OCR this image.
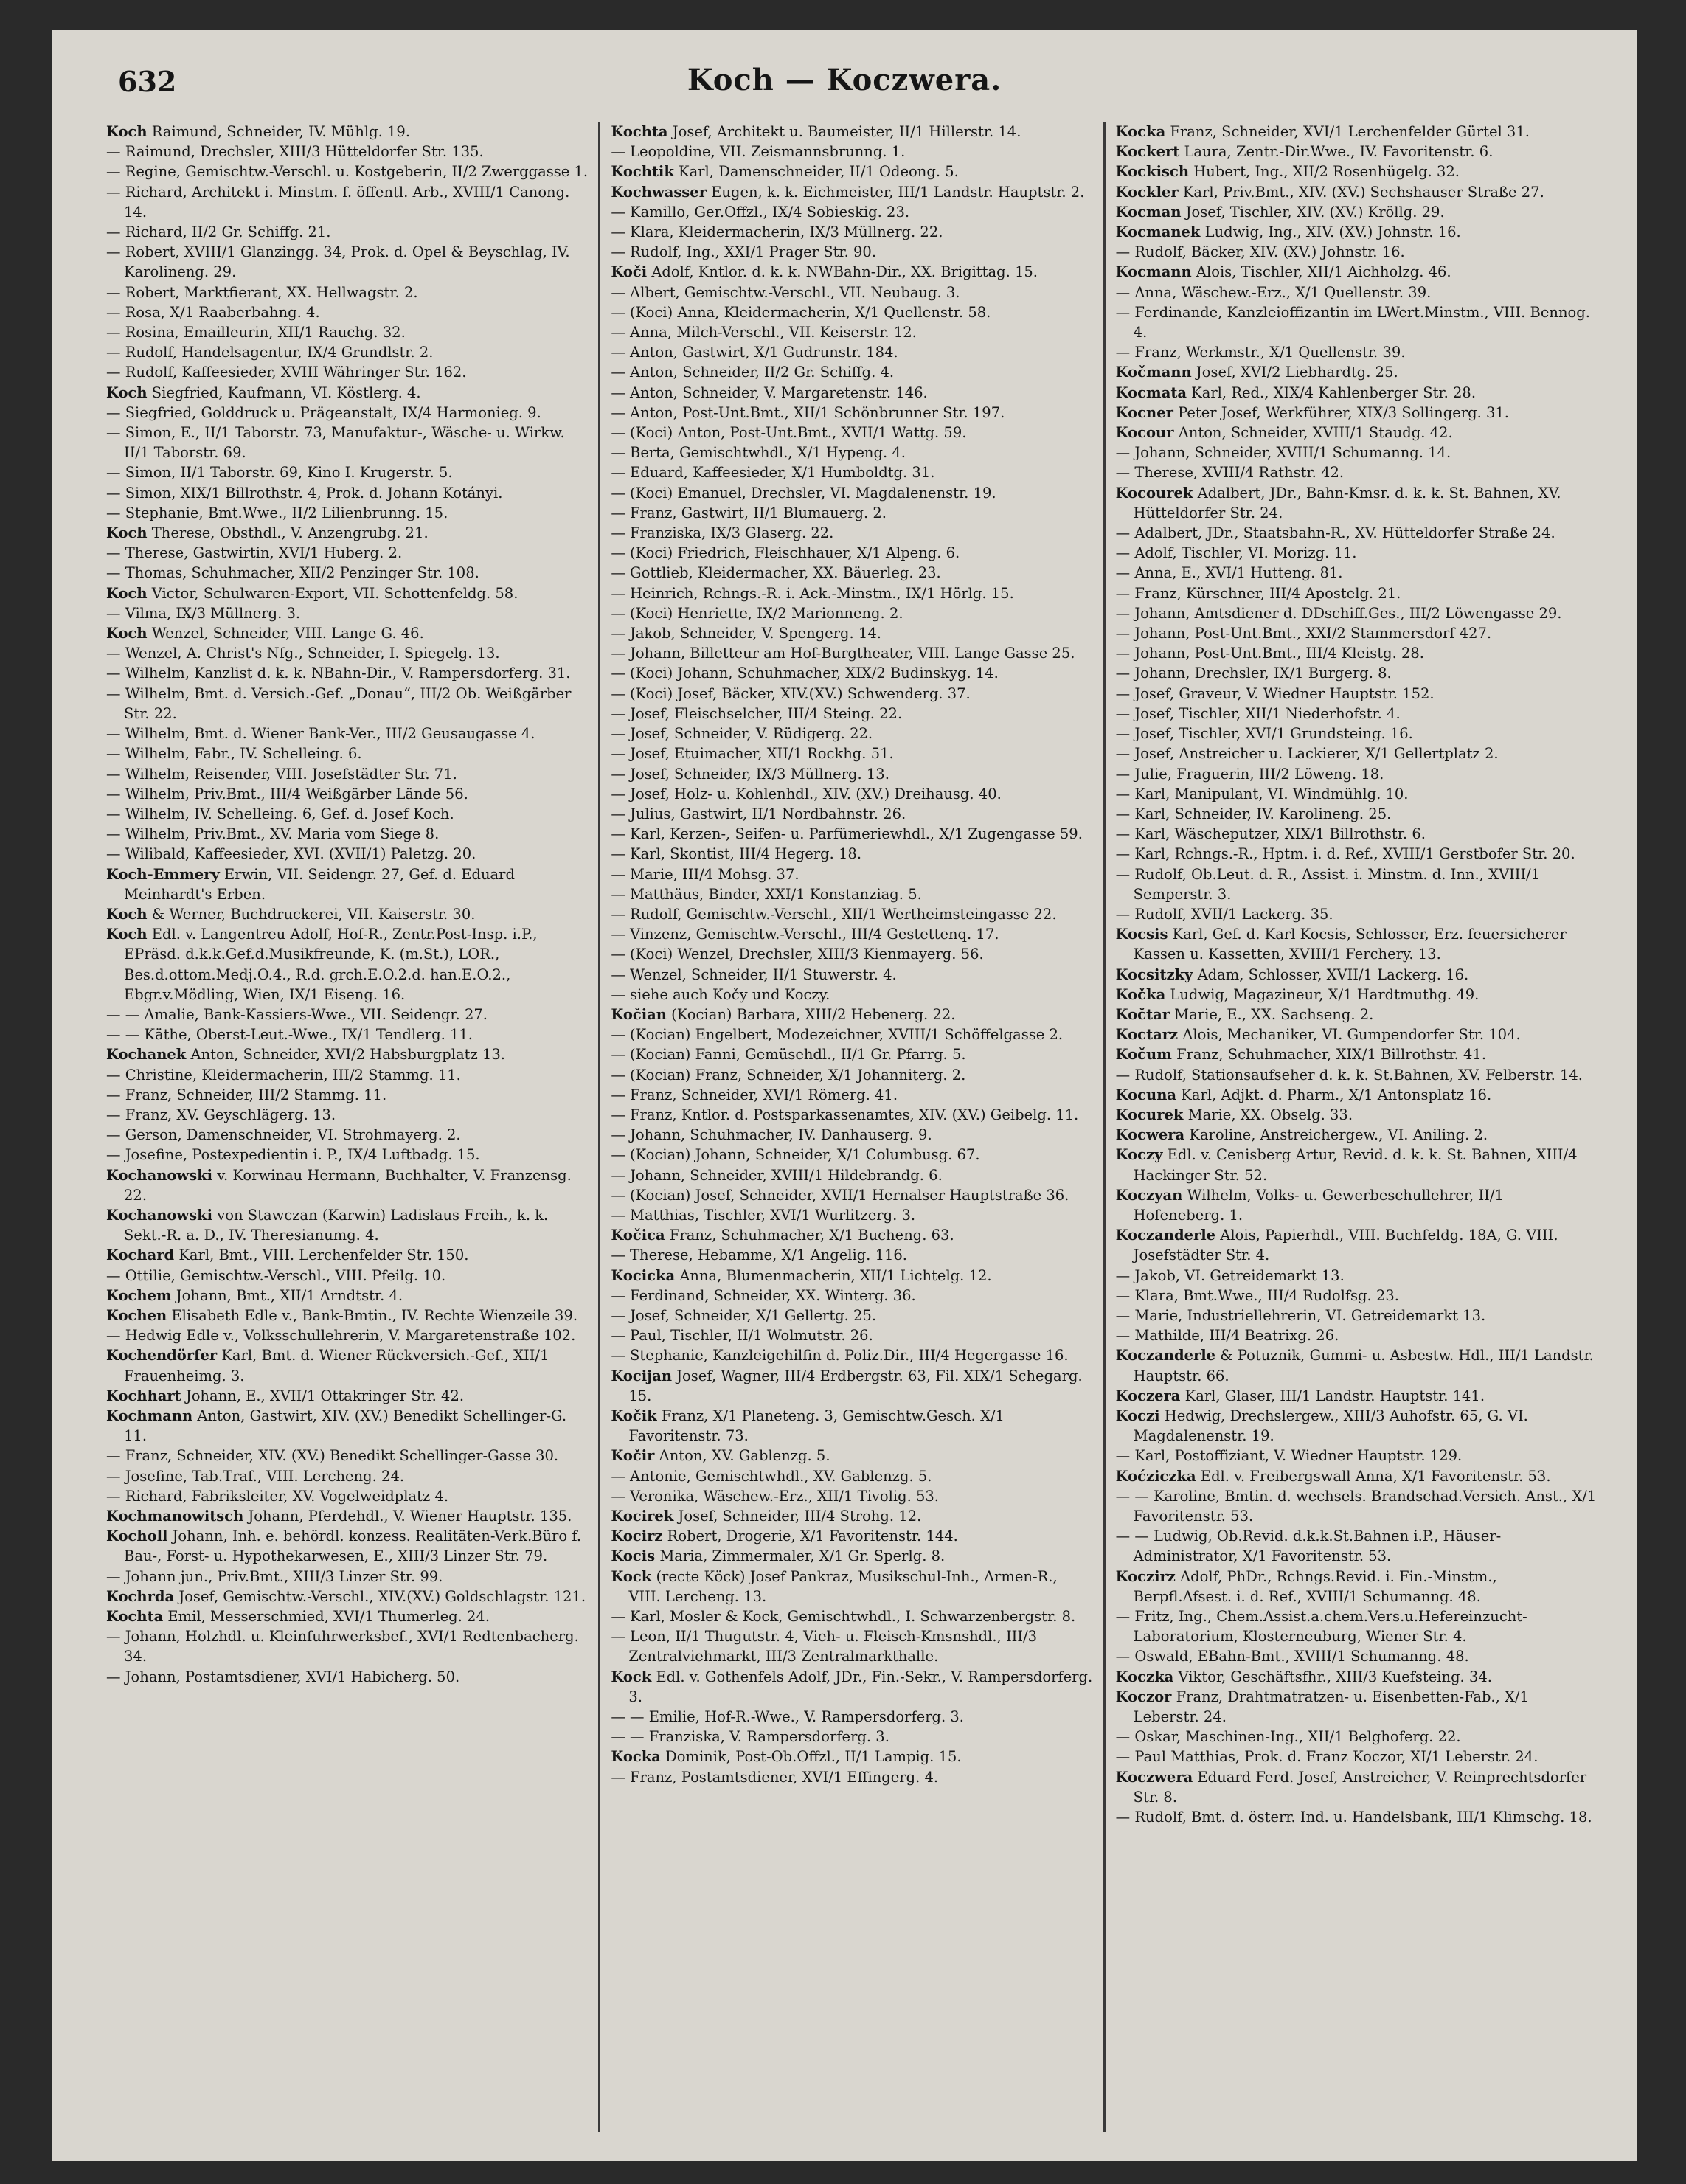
632	Koch — Koczwera.

Koch Raimund, Schneider, IV. Mühlg. 19.

— Raimund, Drechsler, XIII/3 Hütteldorfer Str. 135.

— Regine, Gemischtw.-Verschl. u. Kostgeberin, II/2 Zwerggasse 1.

— Richard, Architekt i. Minstm. f. öffentl. Arb., XVIII/1 Canong. 14.

— Richard, II/2 Gr. Schiffg. 21.

— Robert, XVIII/1 Glanzingg. 34, Prok. d. Opel & Beyschlag, IV. Karolineng. 29.

— Robert, Marktfierant, XX. Hellwagstr. 2.

— Rosa, X/1 Raaberbahng. 4.

— Rosina, Emailleurin, XII/1 Rauchg. 32.

— Rudolf, Handelsagentur, IX/4 Grundlstr. 2.

— Rudolf, Kaffeesieder, XVIII Währinger Str. 162.

Koch Siegfried, Kaufmann, VI. Köstlerg. 4.

— Siegfried, Golddruck u. Prägeanstalt, IX/4 Harmonieg. 9.

— Simon, E., II/1 Taborstr. 73, Manufaktur-, Wäsche- u. Wirkw. II/1 Taborstr. 69.

— Simon, II/1 Taborstr. 69, Kino I. Krugerstr. 5.

— Simon, XIX/1 Billrothstr. 4, Prok. d. Johann Kotányi.

— Stephanie, Bmt.Wwe., II/2 Lilienbrunng. 15.

Koch Therese, Obsthdl., V. Anzengrubg. 21.

— Therese, Gastwirtin, XVI/1 Huberg. 2.

— Thomas, Schuhmacher, XII/2 Penzinger Str. 108.

Koch Victor, Schulwaren-Export, VII. Schottenfeldg. 58.

— Vilma, IX/3 Müllnerg. 3.

Koch Wenzel, Schneider, VIII. Lange G. 46.

— Wenzel, A. Christ's Nfg., Schneider, I. Spiegelg. 13.

— Wilhelm, Kanzlist d. k. k. NBahn-Dir., V. Rampersdorferg. 31.

— Wilhelm, Bmt. d. Versich.-Gef. „Donau“, III/2 Ob. Weißgärber Str. 22.

— Wilhelm, Bmt. d. Wiener Bank-Ver., III/2 Geusaugasse 4.

— Wilhelm, Fabr., IV. Schelleing. 6.

— Wilhelm, Reisender, VIII. Josefstädter Str. 71.

— Wilhelm, Priv.Bmt., III/4 Weißgärber Lände 56.

— Wilhelm, IV. Schelleing. 6, Gef. d. Josef Koch.

— Wilhelm, Priv.Bmt., XV. Maria vom Siege 8.

— Wilibald, Kaffeesieder, XVI. (XVII/1) Paletzg. 20.

Koch-Emmery Erwin, VII. Seidengr. 27, Gef. d. Eduard Meinhardt's Erben.

Koch & Werner, Buchdruckerei, VII. Kaiserstr. 30.

Koch Edl. v. Langentreu Adolf, Hof-R., Zentr.Post-Insp. i.P., EPräsd. d.k.k.Gef.d.Musikfreunde, K. (m.St.), LOR., Bes.d.ottom.Medj.O.4., R.d. grch.E.O.2.d. han.E.O.2., Ebgr.v.Mödling, Wien, IX/1 Eiseng. 16.

— — Amalie, Bank-Kassiers-Wwe., VII. Seidengr. 27.

— — Käthe, Oberst-Leut.-Wwe., IX/1 Tendlerg. 11.

Kochanek Anton, Schneider, XVI/2 Habsburgplatz 13.

— Christine, Kleidermacherin, III/2 Stammg. 11.

— Franz, Schneider, III/2 Stammg. 11.

— Franz, XV. Geyschlägerg. 13.

— Gerson, Damenschneider, VI. Strohmayerg. 2.

— Josefine, Postexpedientin i. P., IX/4 Luftbadg. 15.

Kochanowski v. Korwinau Hermann, Buchhalter, V. Franzensg. 22.

Kochanowski von Stawczan (Karwin) Ladislaus Freih., k. k. Sekt.-R. a. D., IV. Theresianumg. 4.

Kochard Karl, Bmt., VIII. Lerchenfelder Str. 150.

— Ottilie, Gemischtw.-Verschl., VIII. Pfeilg. 10.

Kochem Johann, Bmt., XII/1 Arndtstr. 4.

Kochen Elisabeth Edle v., Bank-Bmtin., IV. Rechte Wienzeile 39.

— Hedwig Edle v., Volksschullehrerin, V. Margaretenstraße 102.

Kochendörfer Karl, Bmt. d. Wiener Rückversich.-Gef., XII/1 Frauenheimg. 3.

Kochhart Johann, E., XVII/1 Ottakringer Str. 42.

Kochmann Anton, Gastwirt, XIV. (XV.) Benedikt Schellinger-G. 11.

— Franz, Schneider, XIV. (XV.) Benedikt Schellinger-Gasse 30.

— Josefine, Tab.Traf., VIII. Lercheng. 24.

— Richard, Fabriksleiter, XV. Vogelweidplatz 4.

Kochmanowitsch Johann, Pferdehdl., V. Wiener Hauptstr. 135.

Kocholl Johann, Inh. e. behördl. konzess. Realitäten-Verk.Büro f. Bau-, Forst- u. Hypothekarwesen, E., XIII/3 Linzer Str. 79.

— Johann jun., Priv.Bmt., XIII/3 Linzer Str. 99.

Kochrda Josef, Gemischtw.-Verschl., XIV.(XV.) Goldschlagstr. 121.

Kochta Emil, Messerschmied, XVI/1 Thumerleg. 24.

— Johann, Holzhdl. u. Kleinfuhrwerksbef., XVI/1 Redtenbacherg. 34.

— Johann, Postamtsdiener, XVI/1 Habicherg. 50.

Kochta Josef, Architekt u. Baumeister, II/1 Hillerstr. 14.

— Leopoldine, VII. Zeismannsbrunng. 1.

Kochtik Karl, Damenschneider, II/1 Odeong. 5.

Kochwasser Eugen, k. k. Eichmeister, III/1 Landstr. Hauptstr. 2.

— Kamillo, Ger.Offzl., IX/4 Sobieskig. 23.

— Klara, Kleidermacherin, IX/3 Müllnerg. 22.

— Rudolf, Ing., XXI/1 Prager Str. 90.

Koči Adolf, Kntlor. d. k. k. NWBahn-Dir., XX. Brigittag. 15.

— Albert, Gemischtw.-Verschl., VII. Neubaug. 3.

— (Koci) Anna, Kleidermacherin, X/1 Quellenstr. 58.

— Anna, Milch-Verschl., VII. Keiserstr. 12.

— Anton, Gastwirt, X/1 Gudrunstr. 184.

— Anton, Schneider, II/2 Gr. Schiffg. 4.

— Anton, Schneider, V. Margaretenstr. 146.

— Anton, Post-Unt.Bmt., XII/1 Schönbrunner Str. 197.

— (Koci) Anton, Post-Unt.Bmt., XVII/1 Wattg. 59.

— Berta, Gemischtwhdl., X/1 Hypeng. 4.

— Eduard, Kaffeesieder, X/1 Humboldtg. 31.

— (Koci) Emanuel, Drechsler, VI. Magdalenenstr. 19.

— Franz, Gastwirt, II/1 Blumauerg. 2.

— Franziska, IX/3 Glaserg. 22.

— (Koci) Friedrich, Fleischhauer, X/1 Alpeng. 6.

— Gottlieb, Kleidermacher, XX. Bäuerleg. 23.

— Heinrich, Rchngs.-R. i. Ack.-Minstm., IX/1 Hörlg. 15.

— (Koci) Henriette, IX/2 Marionneng. 2.

— Jakob, Schneider, V. Spengerg. 14.

— Johann, Billetteur am Hof-Burgtheater, VIII. Lange Gasse 25.

— (Koci) Johann, Schuhmacher, XIX/2 Budinskyg. 14.

— (Koci) Josef, Bäcker, XIV.(XV.) Schwenderg. 37.

— Josef, Fleischselcher, III/4 Steing. 22.

— Josef, Schneider, V. Rüdigerg. 22.

— Josef, Etuimacher, XII/1 Rockhg. 51.

— Josef, Schneider, IX/3 Müllnerg. 13.

— Josef, Holz- u. Kohlenhdl., XIV. (XV.) Dreihausg. 40.

— Julius, Gastwirt, II/1 Nordbahnstr. 26.

— Karl, Kerzen-, Seifen- u. Parfümeriewhdl., X/1 Zugengasse 59.

— Karl, Skontist, III/4 Hegerg. 18.

— Marie, III/4 Mohsg. 37.

— Matthäus, Binder, XXI/1 Konstanziag. 5.

— Rudolf, Gemischtw.-Verschl., XII/1 Wertheimsteingasse 22.

— Vinzenz, Gemischtw.-Verschl., III/4 Gestettenq. 17.

— (Koci) Wenzel, Drechsler, XIII/3 Kienmayerg. 56.

— Wenzel, Schneider, II/1 Stuwerstr. 4.

— siehe auch Kočy und Koczy.

Kočian (Kocian) Barbara, XIII/2 Hebenerg. 22.

— (Kocian) Engelbert, Modezeichner, XVIII/1 Schöffelgasse 2.

— (Kocian) Fanni, Gemüsehdl., II/1 Gr. Pfarrg. 5.

— (Kocian) Franz, Schneider, X/1 Johanniterg. 2.

— Franz, Schneider, XVI/1 Römerg. 41.

— Franz, Kntlor. d. Postsparkassenamtes, XIV. (XV.) Geibelg. 11.

— Johann, Schuhmacher, IV. Danhauserg. 9.

— (Kocian) Johann, Schneider, X/1 Columbusg. 67.

— Johann, Schneider, XVIII/1 Hildebrandg. 6.

— (Kocian) Josef, Schneider, XVII/1 Hernalser Hauptstraße 36.

— Matthias, Tischler, XVI/1 Wurlitzerg. 3.

Kočica Franz, Schuhmacher, X/1 Bucheng. 63.

— Therese, Hebamme, X/1 Angelig. 116.

Kocicka Anna, Blumenmacherin, XII/1 Lichtelg. 12.

— Ferdinand, Schneider, XX. Winterg. 36.

— Josef, Schneider, X/1 Gellertg. 25.

— Paul, Tischler, II/1 Wolmutstr. 26.

— Stephanie, Kanzleigehilfin d. Poliz.Dir., III/4 Hegergasse 16.

Kocijan Josef, Wagner, III/4 Erdbergstr. 63, Fil. XIX/1 Schegarg. 15.

Kočik Franz, X/1 Planeteng. 3, Gemischtw.Gesch. X/1 Favoritenstr. 73.

Kočir Anton, XV. Gablenzg. 5.

— Antonie, Gemischtwhdl., XV. Gablenzg. 5.

— Veronika, Wäschew.-Erz., XII/1 Tivolig. 53.

Kocirek Josef, Schneider, III/4 Strohg. 12.

Kocirz Robert, Drogerie, X/1 Favoritenstr. 144.

Kocis Maria, Zimmermaler, X/1 Gr. Sperlg. 8.

Kock (recte Köck) Josef Pankraz, Musikschul-Inh., Armen-R., VIII. Lercheng. 13.

— Karl, Mosler & Kock, Gemischtwhdl., I. Schwarzenbergstr. 8.

— Leon, II/1 Thugutstr. 4, Vieh- u. Fleisch-Kmsnshdl., III/3 Zentralviehmarkt, III/3 Zentralmarkthalle.

Kock Edl. v. Gothenfels Adolf, JDr., Fin.-Sekr., V. Rampersdorferg. 3.

— — Emilie, Hof-R.-Wwe., V. Rampersdorferg. 3.

— — Franziska, V. Rampersdorferg. 3.

Kocka Dominik, Post-Ob.Offzl., II/1 Lampig. 15.

— Franz, Postamtsdiener, XVI/1 Effingerg. 4.

Kocka Franz, Schneider, XVI/1 Lerchenfelder Gürtel 31.

Kockert Laura, Zentr.-Dir.Wwe., IV. Favoritenstr. 6.

Kockisch Hubert, Ing., XII/2 Rosenhügelg. 32.

Kockler Karl, Priv.Bmt., XIV. (XV.) Sechshauser Straße 27.

Kocman Josef, Tischler, XIV. (XV.) Kröllg. 29.

Kocmanek Ludwig, Ing., XIV. (XV.) Johnstr. 16.

— Rudolf, Bäcker, XIV. (XV.) Johnstr. 16.

Kocmann Alois, Tischler, XII/1 Aichholzg. 46.

— Anna, Wäschew.-Erz., X/1 Quellenstr. 39.

— Ferdinande, Kanzleioffizantin im LWert.Minstm., VIII. Bennog. 4.

— Franz, Werkmstr., X/1 Quellenstr. 39.

Kočmann Josef, XVI/2 Liebhardtg. 25.

Kocmata Karl, Red., XIX/4 Kahlenberger Str. 28.

Kocner Peter Josef, Werkführer, XIX/3 Sollingerg. 31.

Kocour Anton, Schneider, XVIII/1 Staudg. 42.

— Johann, Schneider, XVIII/1 Schumanng. 14.

— Therese, XVIII/4 Rathstr. 42.

Kocourek Adalbert, JDr., Bahn-Kmsr. d. k. k. St. Bahnen, XV. Hütteldorfer Str. 24.

— Adalbert, JDr., Staatsbahn-R., XV. Hütteldorfer Straße 24.

— Adolf, Tischler, VI. Morizg. 11.

— Anna, E., XVI/1 Hutteng. 81.

— Franz, Kürschner, III/4 Apostelg. 21.

— Johann, Amtsdiener d. DDschiff.Ges., III/2 Löwengasse 29.

— Johann, Post-Unt.Bmt., XXI/2 Stammersdorf 427.

— Johann, Post-Unt.Bmt., III/4 Kleistg. 28.

— Johann, Drechsler, IX/1 Burgerg. 8.

— Josef, Graveur, V. Wiedner Hauptstr. 152.

— Josef, Tischler, XII/1 Niederhofstr. 4.

— Josef, Tischler, XVI/1 Grundsteing. 16.

— Josef, Anstreicher u. Lackierer, X/1 Gellertplatz 2.

— Julie, Fraguerin, III/2 Löweng. 18.

— Karl, Manipulant, VI. Windmühlg. 10.

— Karl, Schneider, IV. Karolineng. 25.

— Karl, Wäscheputzer, XIX/1 Billrothstr. 6.

— Karl, Rchngs.-R., Hptm. i. d. Ref., XVIII/1 Gerstbofer Str. 20.

— Rudolf, Ob.Leut. d. R., Assist. i. Minstm. d. Inn., XVIII/1 Semperstr. 3.

— Rudolf, XVII/1 Lackerg. 35.

Kocsis Karl, Gef. d. Karl Kocsis, Schlosser, Erz. feuersicherer Kassen u. Kassetten, XVIII/1 Ferchery. 13.

Kocsitzky Adam, Schlosser, XVII/1 Lackerg. 16.

Kočka Ludwig, Magazineur, X/1 Hardtmuthg. 49.

Kočtar Marie, E., XX. Sachseng. 2.

Koctarz Alois, Mechaniker, VI. Gumpendorfer Str. 104.

Kočum Franz, Schuhmacher, XIX/1 Billrothstr. 41.

— Rudolf, Stationsaufseher d. k. k. St.Bahnen, XV. Felberstr. 14.

Kocuna Karl, Adjkt. d. Pharm., X/1 Antonsplatz 16.

Kocurek Marie, XX. Obselg. 33.

Kocwera Karoline, Anstreichergew., VI. Aniling. 2.

Koczy Edl. v. Cenisberg Artur, Revid. d. k. k. St. Bahnen, XIII/4 Hackinger Str. 52.

Koczyan Wilhelm, Volks- u. Gewerbeschullehrer, II/1 Hofeneberg. 1.

Koczanderle Alois, Papierhdl., VIII. Buchfeldg. 18A, G. VIII. Josefstädter Str. 4.

— Jakob, VI. Getreidemarkt 13.

— Klara, Bmt.Wwe., III/4 Rudolfsg. 23.

— Marie, Industriellehrerin, VI. Getreidemarkt 13.

— Mathilde, III/4 Beatrixg. 26.

Koczanderle & Potuznik, Gummi- u. Asbestw. Hdl., III/1 Landstr. Hauptstr. 66.

Koczera Karl, Glaser, III/1 Landstr. Hauptstr. 141.

Koczi Hedwig, Drechslergew., XIII/3 Auhofstr. 65, G. VI. Magdalenenstr. 19.

— Karl, Postoffiziant, V. Wiedner Hauptstr. 129.

Koćziczka Edl. v. Freibergswall Anna, X/1 Favoritenstr. 53.

— — Karoline, Bmtin. d. wechsels. Brandschad.Versich. Anst., X/1 Favoritenstr. 53.

— — Ludwig, Ob.Revid. d.k.k.St.Bahnen i.P., Häuser-Administrator, X/1 Favoritenstr. 53.

Koczirz Adolf, PhDr., Rchngs.Revid. i. Fin.-Minstm., Berpfl.Afsest. i. d. Ref., XVIII/1 Schumanng. 48.

— Fritz, Ing., Chem.Assist.a.chem.Vers.u.Hefereinzucht-Laboratorium, Klosterneuburg, Wiener Str. 4.

— Oswald, EBahn-Bmt., XVIII/1 Schumanng. 48.

Koczka Viktor, Geschäftsfhr., XIII/3 Kuefsteing. 34.

Koczor Franz, Drahtmatratzen- u. Eisenbetten-Fab., X/1 Leberstr. 24.

— Oskar, Maschinen-Ing., XII/1 Belghoferg. 22.

— Paul Matthias, Prok. d. Franz Koczor, XI/1 Leberstr. 24.

Koczwera Eduard Ferd. Josef, Anstreicher, V. Reinprechtsdorfer Str. 8.

— Rudolf, Bmt. d. österr. Ind. u. Handelsbank, III/1 Klimschg. 18.
